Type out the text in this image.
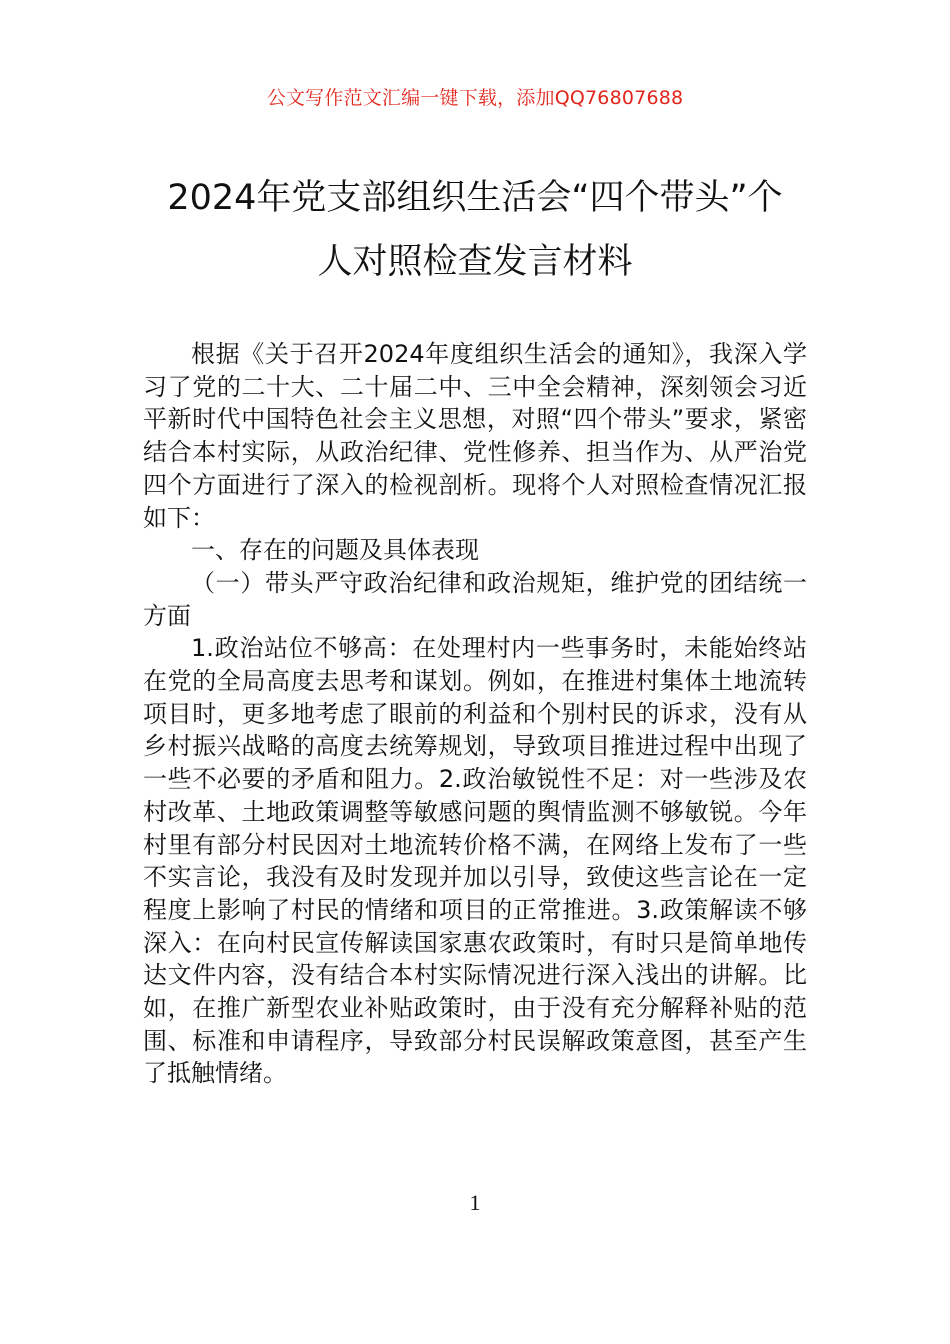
公文写作范文汇编一键下载，添加QQ76807688
2024年党支部组织生活会“四个带头”个
人对照检查发言材料

根据《关于召开2024年度组织生活会的通知》，我深入学习了党的二十大、二十届二中、三中全会精神，深刻领会习近平新时代中国特色社会主义思想，对照“四个带头”要求，紧密结合本村实际，从政治纪律、党性修养、担当作为、从严治党四个方面进行了深入的检视剖析。现将个人对照检查情况汇报如下：

一、存在的问题及具体表现

（一）带头严守政治纪律和政治规矩，维护党的团结统一方面

1.政治站位不够高：在处理村内一些事务时，未能始终站在党的全局高度去思考和谋划。例如，在推进村集体土地流转项目时，更多地考虑了眼前的利益和个别村民的诉求，没有从乡村振兴战略的高度去统筹规划，导致项目推进过程中出现了一些不必要的矛盾和阻力。2.政治敏锐性不足：对一些涉及农村改革、土地政策调整等敏感问题的舆情监测不够敏锐。今年村里有部分村民因对土地流转价格不满，在网络上发布了一些不实言论，我没有及时发现并加以引导，致使这些言论在一定程度上影响了村民的情绪和项目的正常推进。3.政策解读不够深入：在向村民宣传解读国家惠农政策时，有时只是简单地传达文件内容，没有结合本村实际情况进行深入浅出的讲解。比如，在推广新型农业补贴政策时，由于没有充分解释补贴的范围、标准和申请程序，导致部分村民误解政策意图，甚至产生了抵触情绪。

1
